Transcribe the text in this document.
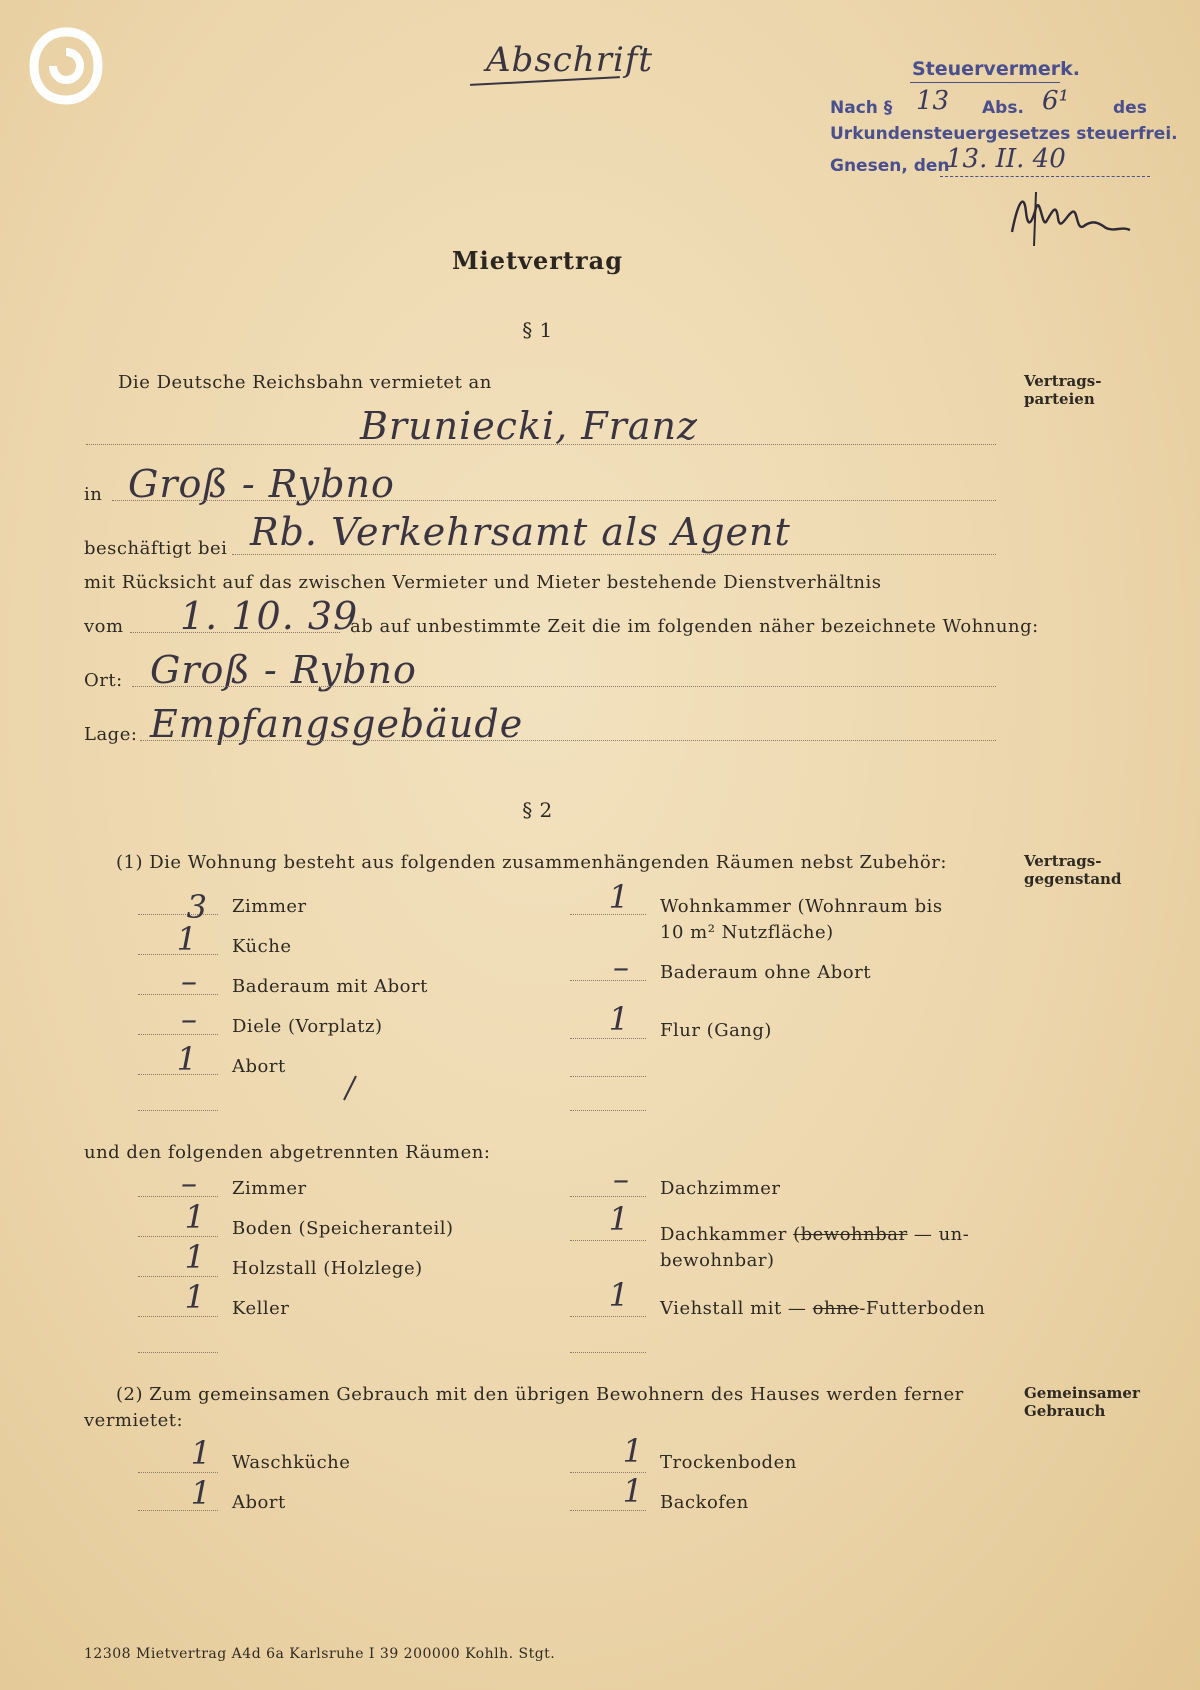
Abschrift	Steuervermerk.
Nach § 13 Abs. 6¹	des
Urkundensteuergesetzes steuerfrei.
Gnesen, den
13. II. 40
Mietvertrag
§ 1
Die Deutsche Reichsbahn vermietet an	Vertrags-
parteien
Bruniecki, Franz
in Groß - Rybno
beschäftigt bei Rb. Verkehrsamt als Agent
mit Rücksicht auf das zwischen Vermieter und Mieter bestehende Dienstverhältnis
vom 1. 10. 39
ab auf unbestimmte Zeit die im folgenden näher bezeichnete Wohnung:
Ort: Groß - Rybno
Lage: Empfangsgebäude
§ 2
(1) Die Wohnung besteht aus folgenden zusammenhängenden Räumen nebst Zubehör:	Vertrags-
gegenstand
3 Zimmer
1 Küche
– Baderaum mit Abort
– Diele (Vorplatz)
1 Abort
1 Wohnkammer (Wohnraum bis
10 m² Nutzfläche)
– Baderaum ohne Abort
1 Flur (Gang)
und den folgenden abgetrennten Räumen:
– Zimmer
1 Boden (Speicheranteil)
1 Holzstall (Holzlege)
1 Keller
– Dachzimmer
1 Dachkammer (bewohnbar — un-
bewohnbar)
1 Viehstall mit — ohne-Futterboden
(2) Zum gemeinsamen Gebrauch mit den übrigen Bewohnern des Hauses werden ferner
vermietet:
Gemeinsamer
Gebrauch
1 Waschküche
1 Abort
1 Trockenboden
1 Backofen
12308 Mietvertrag A4d 6a Karlsruhe I 39 200000 Kohlh. Stgt.
